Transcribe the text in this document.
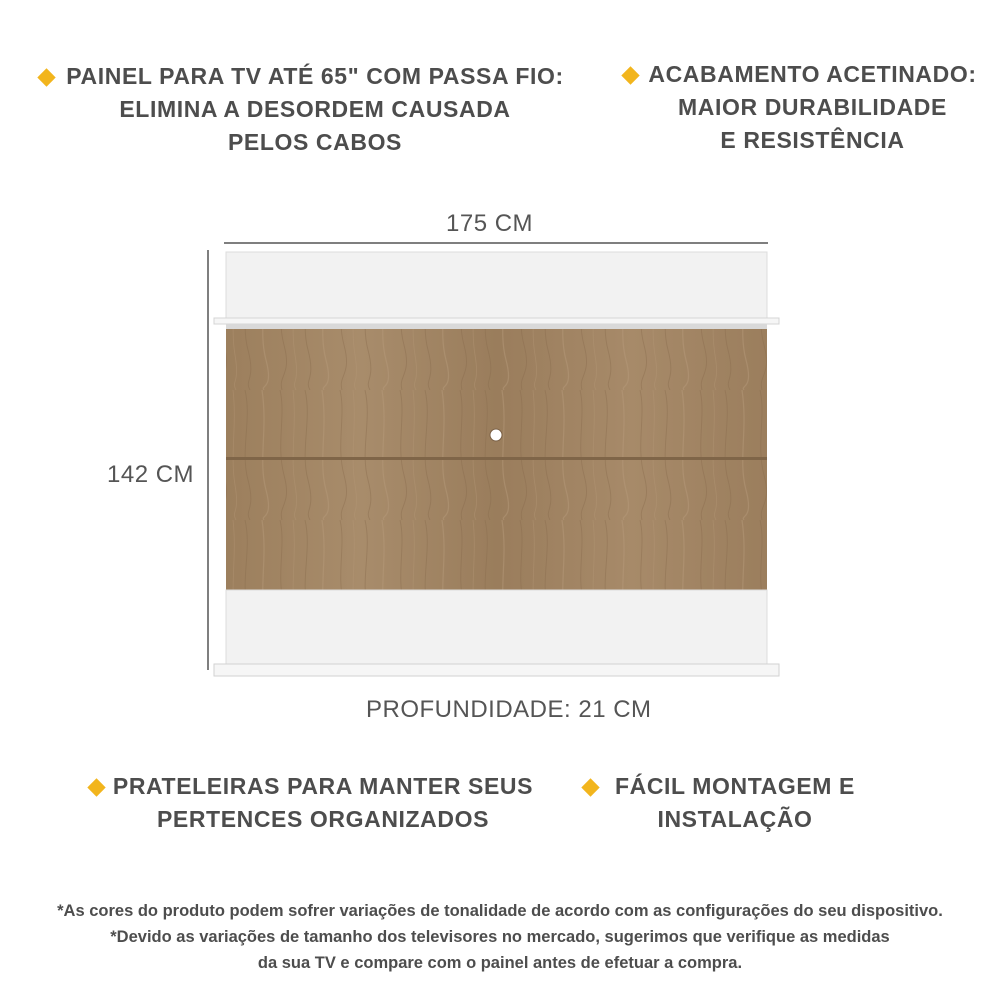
PAINEL PARA TV ATÉ 65" COM PASSA FIO:
ELIMINA A DESORDEM CAUSADA
PELOS CABOS
ACABAMENTO ACETINADO:
MAIOR DURABILIDADE
E RESISTÊNCIA
175 CM
142 CM
PROFUNDIDADE: 21 CM
PRATELEIRAS PARA MANTER SEUS
PERTENCES ORGANIZADOS
FÁCIL MONTAGEM E
INSTALAÇÃO
*As cores do produto podem sofrer variações de tonalidade de acordo com as configurações do seu dispositivo.
*Devido as variações de tamanho dos televisores no mercado, sugerimos que verifique as medidas
da sua TV e compare com o painel antes de efetuar a compra.
